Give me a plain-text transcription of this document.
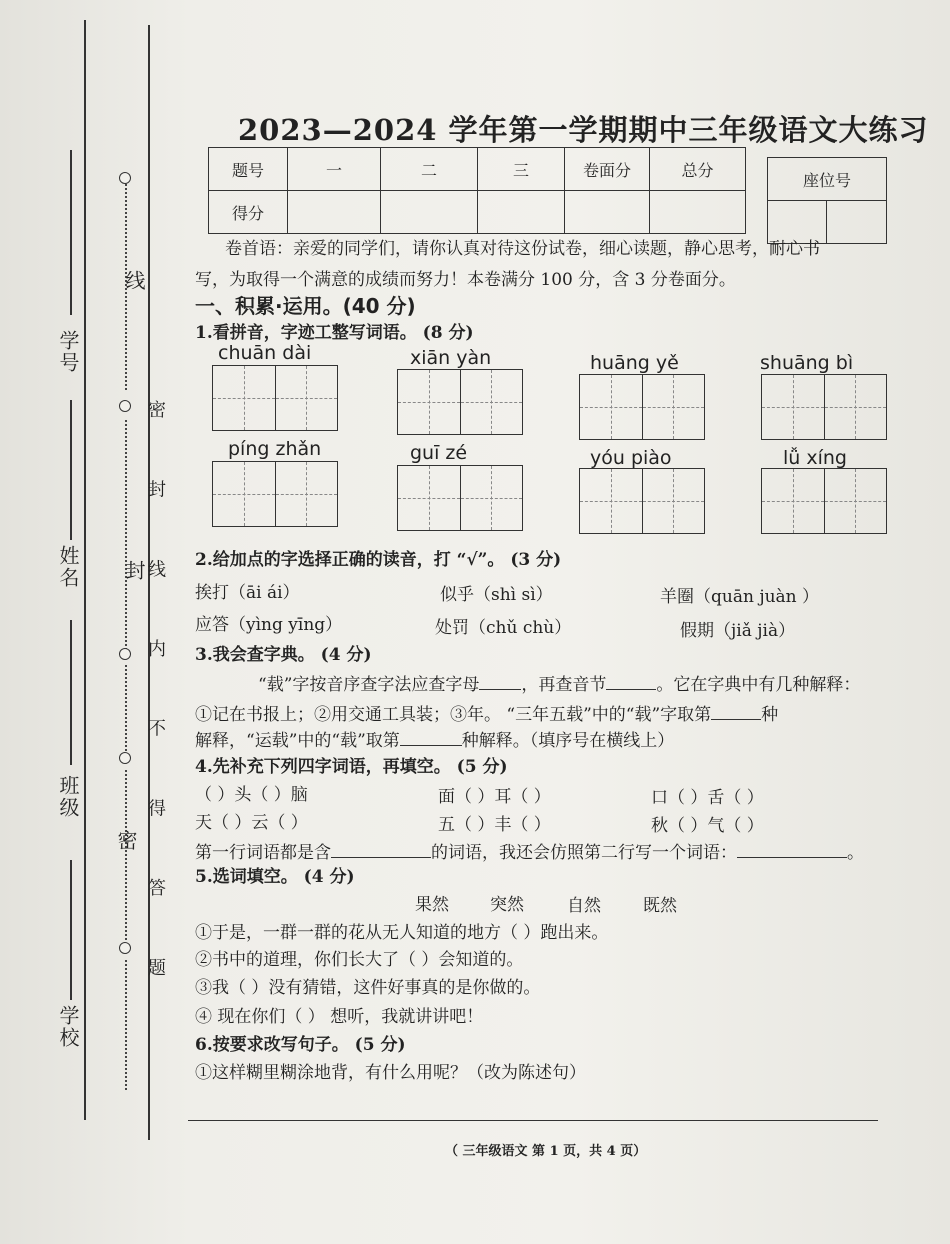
线
封
密 密 封 线 内 不 得 答 题
学号
姓名
班级
学校
2023—2024 学年第一学期期中三年级语文大练习
题号	一	二	三	卷面分	总分
得分					
座位号

卷首语：亲爱的同学们，请你认真对待这份试卷，细心读题，静心思考，耐心书
写，为取得一个满意的成绩而努力！本卷满分 100 分，含 3 分卷面分。
一、积累·运用。(40 分)
1.看拼音，字迹工整写词语。 (8 分)
chuān dài	xiān yàn	huāng yě	shuāng bì
píng zhǎn	guī zé	yóu piào	lǚ xíng
2.给加点的字选择正确的读音，打 “√”。 (3 分)
挨打（āi ái）	似乎（shì sì）	羊圈（quān juàn ）
应答（yìng yīng）	处罚（chǔ chù）	假期（jiǎ jià）
3.我会查字典。 (4 分)
“载”字按音序查字法应查字母 ，再查音节	。它在字典中有几种解释：
①记在书报上；②用交通工具装；③年。 “三年五载”中的“载”字取第	种
解释，“运载”中的“载”取第	种解释。（填序号在横线上）
4.先补充下列四字词语，再填空。 (5 分)
（ ）头（ ）脑	面（ ）耳（ ）	口（ ）舌（ ）
天（ ）云（ ）	五（ ）丰（ ）	秋（ ）气（ ）
第一行词语都是含	的词语，我还会仿照第二行写一个词语：	。
5.选词填空。 (4 分)
果然 突然	自然 既然
①于是，一群一群的花从无人知道的地方（ ）跑出来。
②书中的道理，你们长大了（ ）会知道的。
③我（ ）没有猜错，这件好事真的是你做的。
④ 现在你们（ ） 想听，我就讲讲吧！
6.按要求改写句子。 (5 分)
①这样糊里糊涂地背，有什么用呢？（改为陈述句）
（ 三年级语文 第 1 页，共 4 页）
